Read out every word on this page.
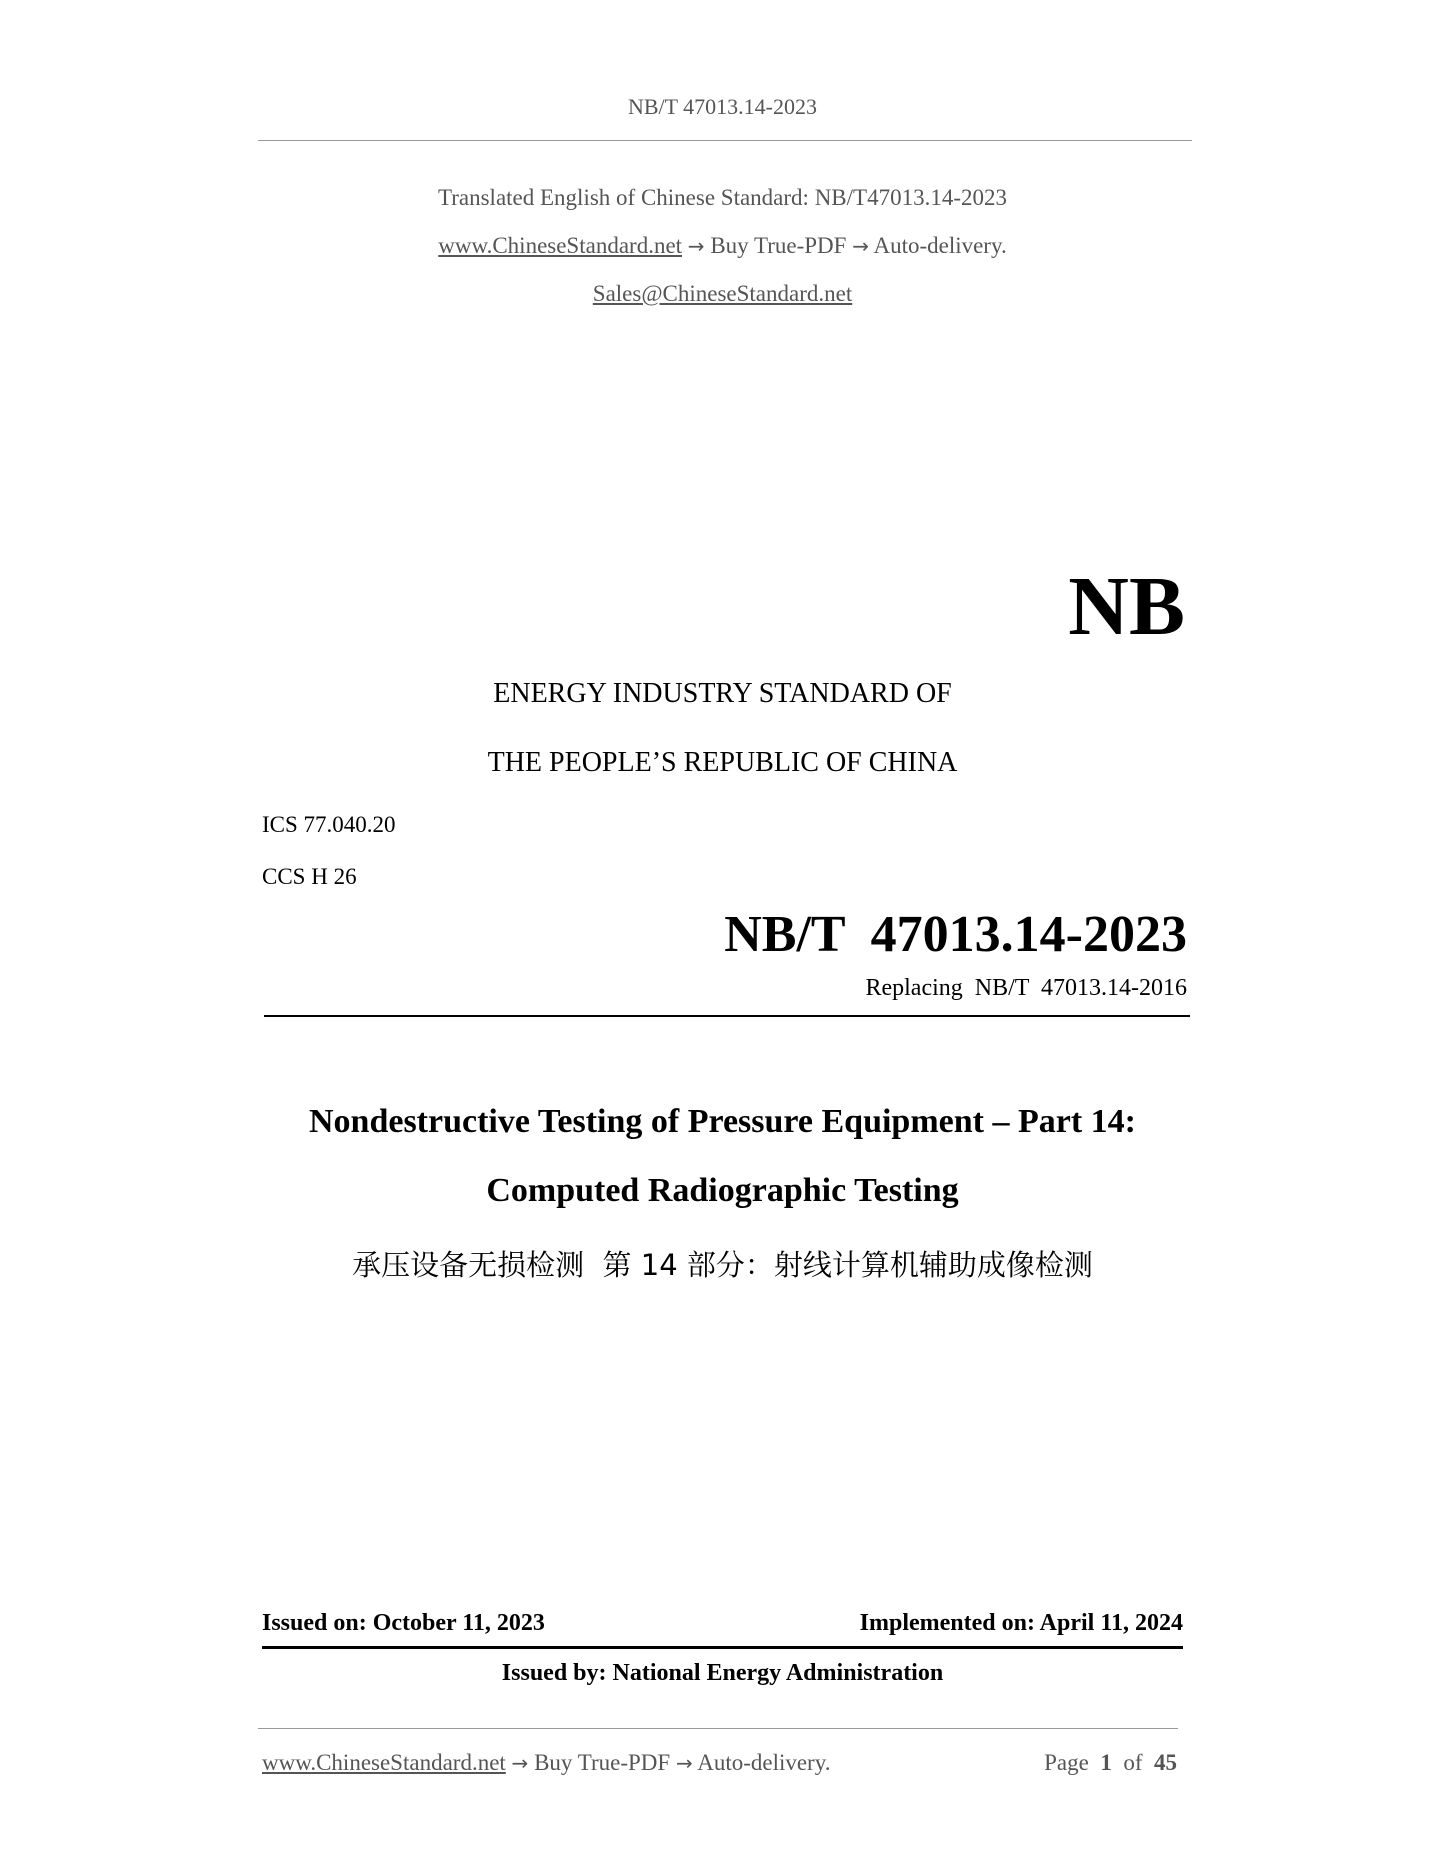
NB/T 47013.14-2023
Translated English of Chinese Standard: NB/T47013.14-2023
www.ChineseStandard.net → Buy True-PDF → Auto-delivery.
Sales@ChineseStandard.net
NB
ENERGY INDUSTRY STANDARD OF
THE PEOPLE’S REPUBLIC OF CHINA
ICS 77.040.20
CCS H 26
NB/T  47013.14-2023
Replacing  NB/T  47013.14-2016
Nondestructive Testing of Pressure Equipment – Part 14:
Computed Radiographic Testing
承压设备无损检测  第 14 部分：射线计算机辅助成像检测
Issued on: October 11, 2023	Implemented on: April 11, 2024
Issued by: National Energy Administration
www.ChineseStandard.net → Buy True-PDF → Auto-delivery.	Page 1 of 45
